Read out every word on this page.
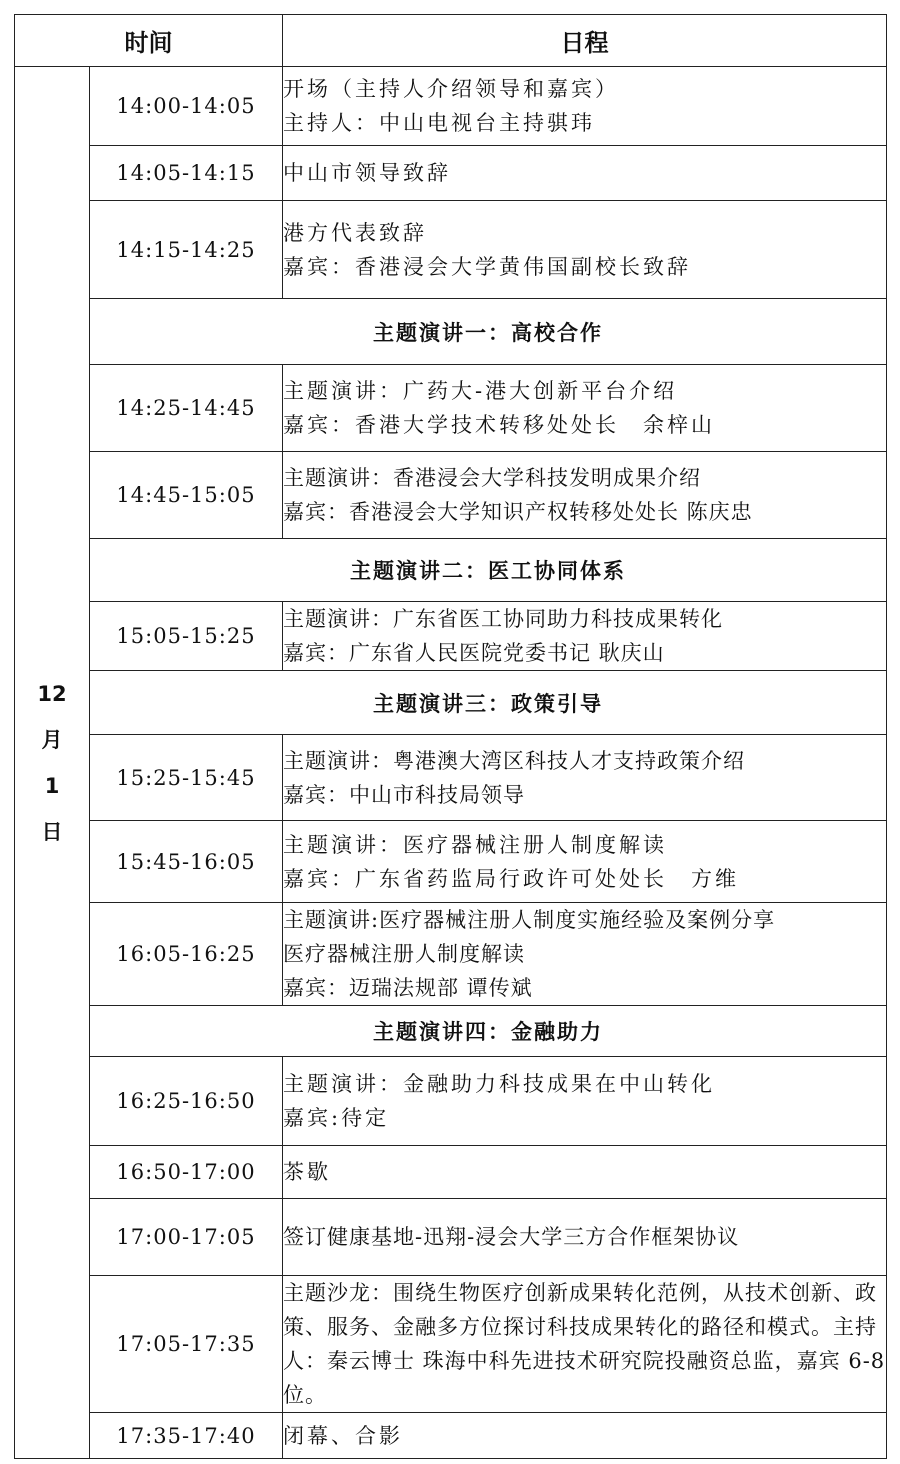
时间		日程

12
月
1
日	14:00-14:05	开场（主持人介绍领导和嘉宾）
主持人：中山电视台主持骐玮

	14:05-14:15	中山市领导致辞

	14:15-14:25	港方代表致辞
嘉宾：香港浸会大学黄伟国副校长致辞

	主题演讲一：高校合作	
	14:25-14:45	主题演讲：广药大-港大创新平台介绍
嘉宾：香港大学技术转移处处长　余梓山

	14:45-15:05	主题演讲：香港浸会大学科技发明成果介绍
嘉宾：香港浸会大学知识产权转移处处长 陈庆忠

	主题演讲二：医工协同体系	
	15:05-15:25	主题演讲：广东省医工协同助力科技成果转化
嘉宾：广东省人民医院党委书记 耿庆山

	主题演讲三：政策引导	
	15:25-15:45	主题演讲：粤港澳大湾区科技人才支持政策介绍
嘉宾：中山市科技局领导

	15:45-16:05	主题演讲：医疗器械注册人制度解读
嘉宾：广东省药监局行政许可处处长　方维

	16:05-16:25	主题演讲:医疗器械注册人制度实施经验及案例分享
医疗器械注册人制度解读
嘉宾：迈瑞法规部 谭传斌

	主题演讲四：金融助力	
	16:25-16:50	主题演讲：金融助力科技成果在中山转化
嘉宾:待定

	16:50-17:00	茶歇

	17:00-17:05	签订健康基地-迅翔-浸会大学三方合作框架协议

	17:05-17:35	主题沙龙：围绕生物医疗创新成果转化范例，从技术创新、政策、服务、金融多方位探讨科技成果转化的路径和模式。主持人：秦云博士 珠海中科先进技术研究院投融资总监，嘉宾 6-8 位。

	17:35-17:40	闭幕、合影
